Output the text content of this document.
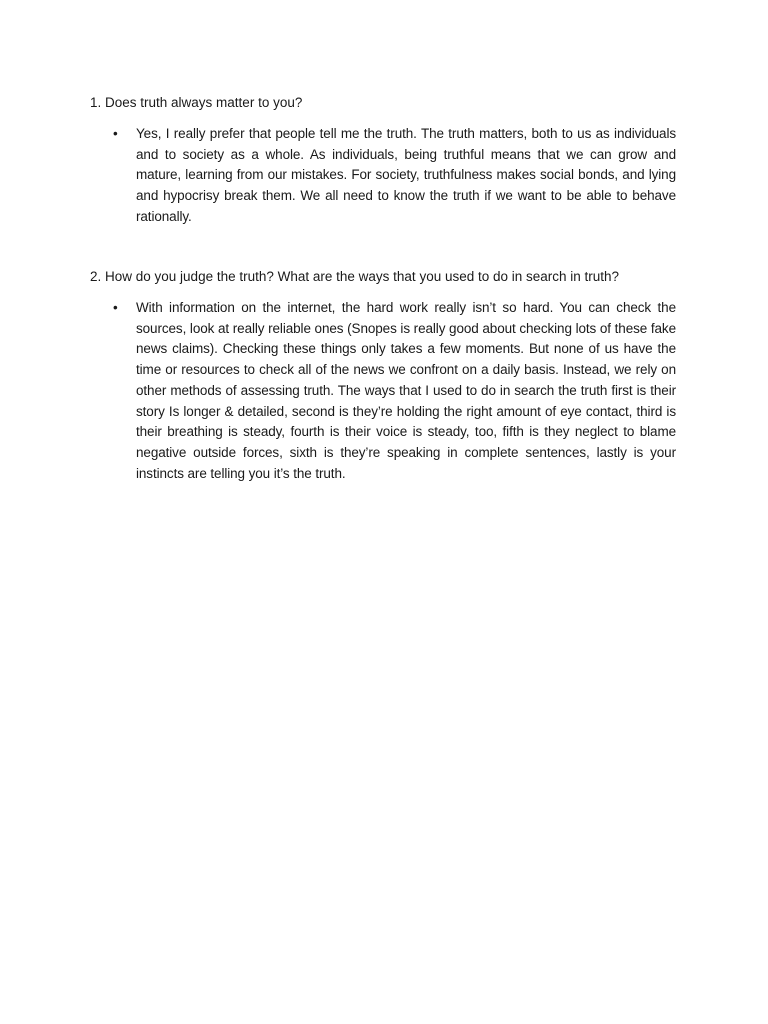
1. Does truth always matter to you?
• Yes, I really prefer that people tell me the truth. The truth matters, both to us as individuals and to society as a whole. As individuals, being truthful means that we can grow and mature, learning from our mistakes. For society, truthfulness makes social bonds, and lying and hypocrisy break them. We all need to know the truth if we want to be able to behave rationally.
2. How do you judge the truth? What are the ways that you used to do in search in truth?
• With information on the internet, the hard work really isn’t so hard. You can check the sources, look at really reliable ones (Snopes is really good about checking lots of these fake news claims). Checking these things only takes a few moments. But none of us have the time or resources to check all of the news we confront on a daily basis. Instead, we rely on other methods of assessing truth. The ways that I used to do in search the truth first is their story Is longer & detailed, second is they’re holding the right amount of eye contact, third is their breathing is steady, fourth is their voice is steady, too, fifth is they neglect to blame negative outside forces, sixth is they’re speaking in complete sentences, lastly is your instincts are telling you it’s the truth.
